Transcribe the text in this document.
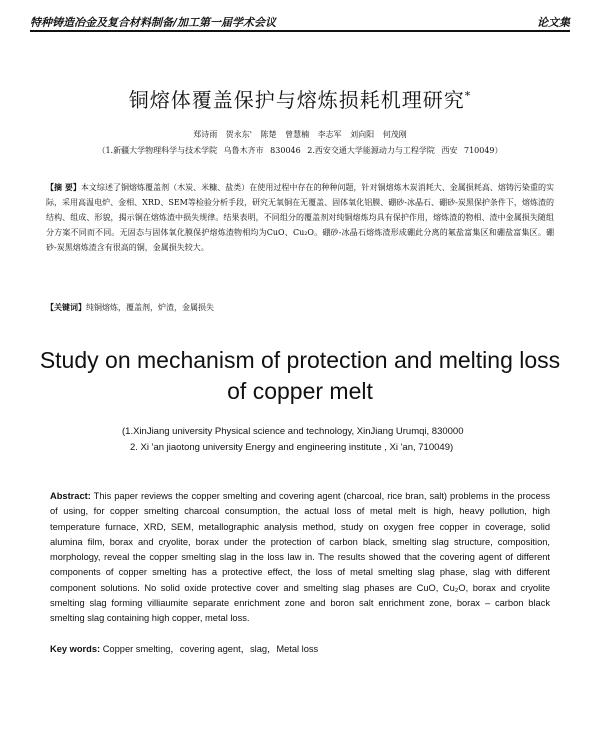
特种铸造冶金及复合材料制备/加工第一届学术会议	论文集
铜熔体覆盖保护与熔炼损耗机理研究*
郑诗雨 贺永东' 陈楚 曾慧楠 李志军 刘向阳 何茂刚
（1.新疆大学物理科学与技术学院 乌鲁木齐市 830046 2.西安交通大学能源动力与工程学院 西安 710049）
【摘 要】本文综述了铜熔炼覆盖剂（木炭、米糠、盐类）在使用过程中存在的种种问题，针对铜熔炼木炭消耗大、金属损耗高、熔铸污染重的实际，采用高温电炉、金相、XRD、SEM等检验分析手段，研究无氧铜在无覆盖、固体氧化铝膜、硼砂-冰晶石、硼砂-炭黑保护条件下，熔炼渣的结构、组成、形貌，揭示铜在熔炼渣中损失规律。结果表明，不同组分的覆盖剂对纯铜熔炼均具有保护作用，熔炼渣的物相、渣中金属损失随组分方案不同而不同。无固态与固体氧化膜保护熔炼渣物相均为CuO、Cu₂O。硼砂-冰晶石熔炼渣形成硼此分离的氟盐富集区和硼盐富集区。硼砂-炭黑熔炼渣含有很高的铜，金属损失较大。
【关键词】纯铜熔炼，覆盖剂，炉渣，金属损失
Study on mechanism of protection and melting loss of copper melt
(1.XinJiang university Physical science and technology, XinJiang Urumqi, 830000
2. Xi 'an jiaotong university Energy and engineering institute , Xi 'an, 710049)
Abstract: This paper reviews the copper smelting and covering agent (charcoal, rice bran, salt) problems in the process of using, for copper smelting charcoal consumption, the actual loss of metal melt is high, heavy pollution, high temperature furnace, XRD, SEM, metallographic analysis method, study on oxygen free copper in coverage, solid alumina film, borax and cryolite, borax under the protection of carbon black, smelting slag structure, composition, morphology, reveal the copper smelting slag in the loss law in. The results showed that the covering agent of different components of copper smelting has a protective effect, the loss of metal smelting slag phase, slag with different component solutions. No solid oxide protective cover and smelting slag phases are CuO, Cu₂O, borax and cryolite smelting slag forming villiaumite separate enrichment zone and boron salt enrichment zone, borax – carbon black smelting slag containing high copper, metal loss.
Key words: Copper smelting，covering agent，slag，Metal loss
